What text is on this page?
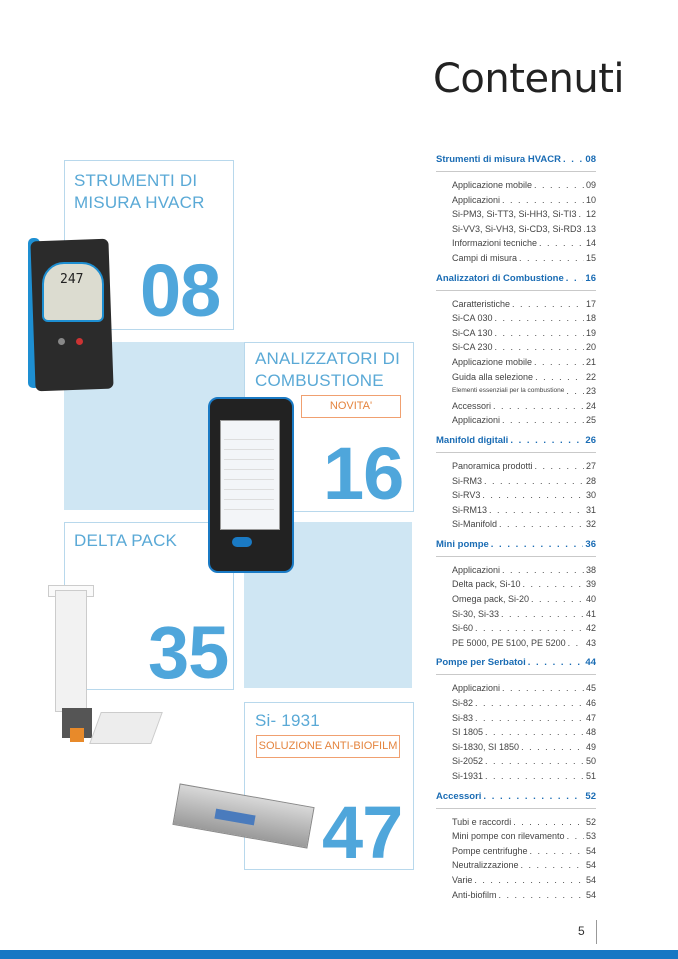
Contenuti
STRUMENTI DI
MISURA HVACR
08
ANALIZZATORI DI
COMBUSTIONE
NOVITA'
16
DELTA PACK
35
Si- 1931
SOLUZIONE ANTI-BIOFILM
47
247
Strumenti di misura HVACR . . .	08
Applicazione mobile . . .	09
Applicazioni . . .	10
Si-PM3, Si-TT3, Si-HH3, Si-TI3 . . . 12
Si-VV3, Si-VH3, Si-CD3, Si-RD3 . . . 13
Informazioni tecniche . . .	14
Campi di misura . . .	15
Analizzatori di Combustione . . . 16
Caratteristiche . . .	17
Si-CA 030 . . .	18
Si-CA 130 . . .	19
Si-CA 230 . . .	20
Applicazione mobile . . .	21
Guida alla selezione . . .	22
Elementi essenziali per la combustione . . . 23
Accessori . . .	24
Applicazioni . . .	25
Manifold digitali . . .	26
Panoramica prodotti . . .	27
Si-RM3 . . .	28
Si-RV3 . . .	30
Si-RM13 . . .	31
Si-Manifold . . .	32
Mini pompe . . .	36
Applicazioni . . .	38
Delta pack, Si-10 . . .	39
Omega pack, Si-20 . . .	40
Si-30, Si-33 . . .	41
Si-60 . . .	42
PE 5000, PE 5100, PE 5200 . . . 43
Pompe per Serbatoi . . .	44
Applicazioni . . .	45
Si-82 . . .	46
Si-83 . . .	47
SI 1805 . . .	48
Si-1830, SI 1850 . . .	49
Si-2052 . . .	50
Si-1931 . . .	51
Accessori . . .	52
Tubi e raccordi . . .	52
Mini pompe con rilevamento . . . 53
Pompe centrifughe . . .	54
Neutralizzazione . . .	54
Varie . . .	54
Anti-biofilm . . .	54
5
